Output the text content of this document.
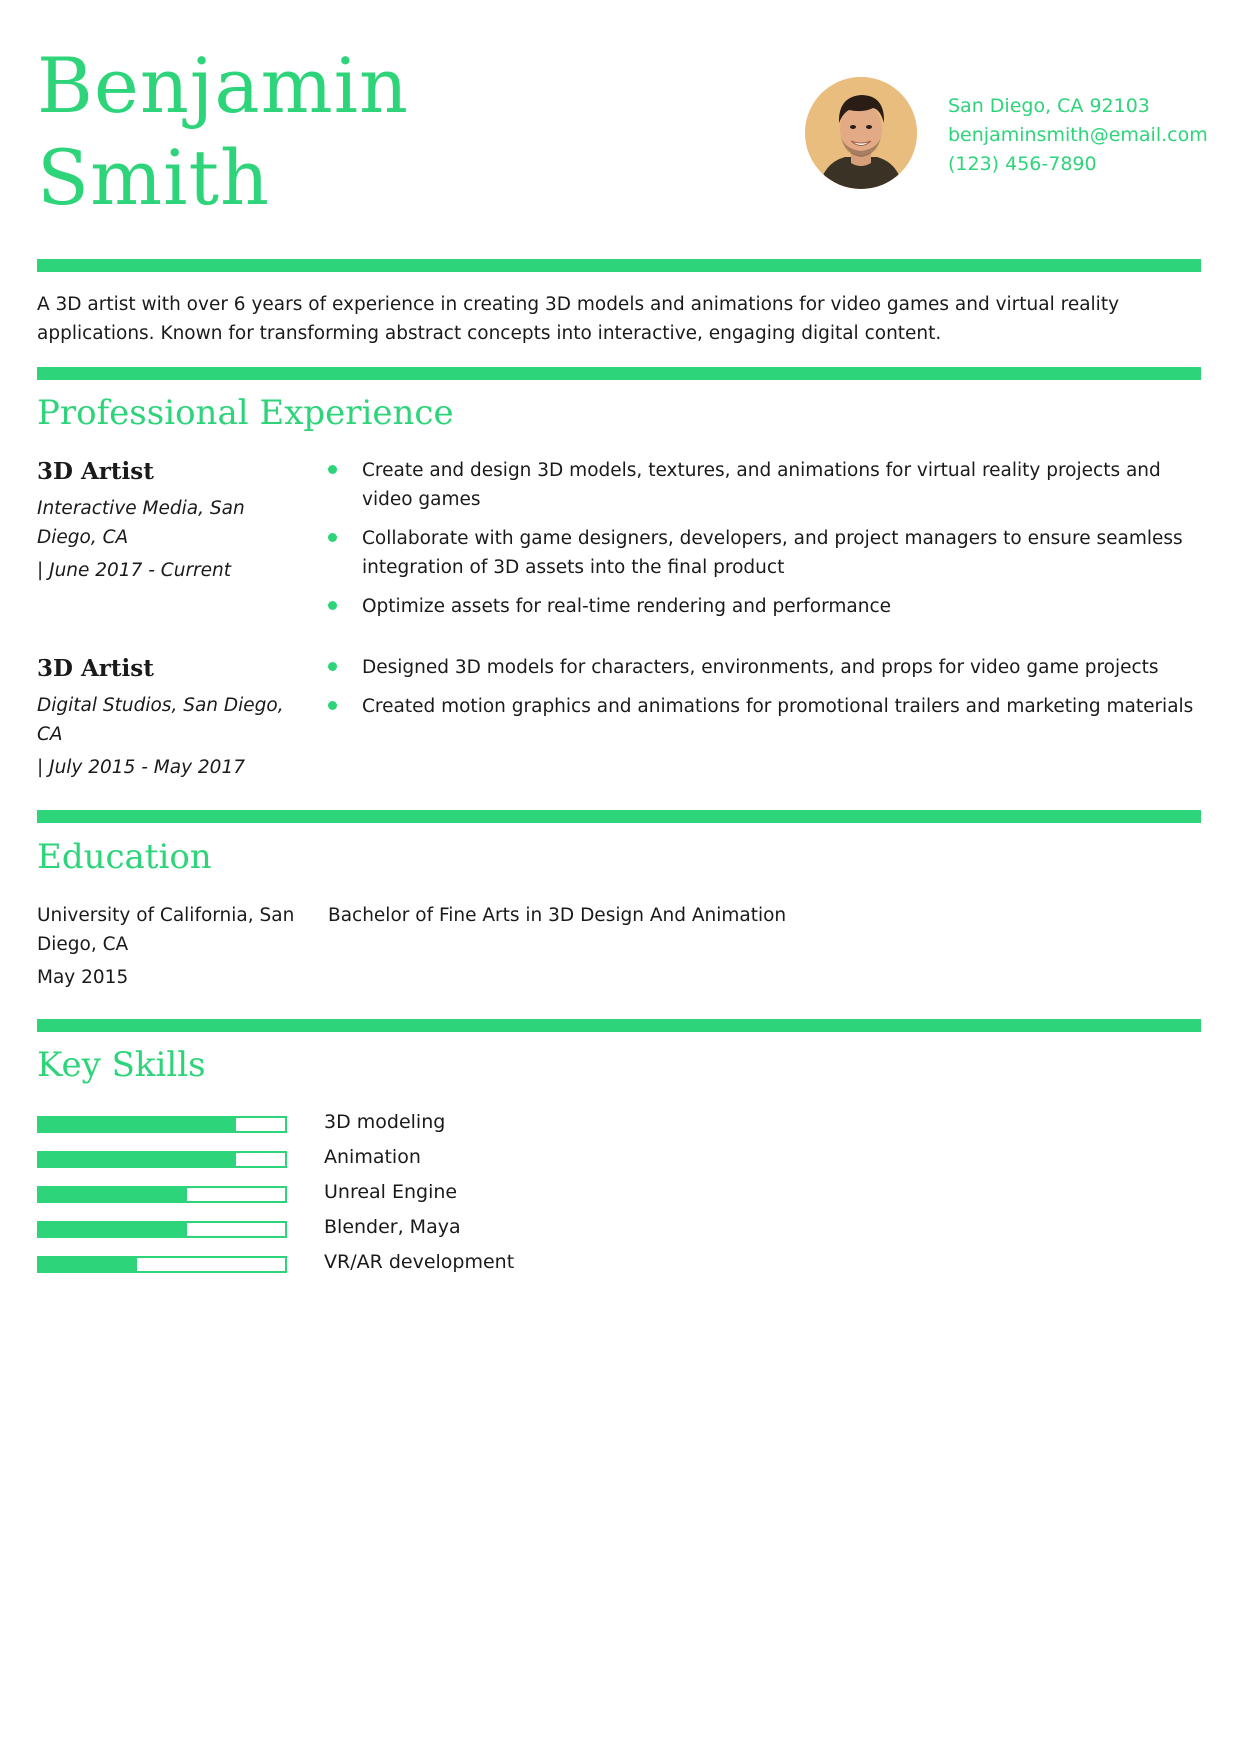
Benjamin
Smith
San Diego, CA 92103
benjaminsmith@email.com
(123) 456-7890

A 3D artist with over 6 years of experience in creating 3D models and animations for video games and virtual reality applications. Known for transforming abstract concepts into interactive, engaging digital content.

Professional Experience
3D Artist
Interactive Media, San Diego, CA
| June 2017 - Current
Create and design 3D models, textures, and animations for virtual reality projects and video games
Collaborate with game designers, developers, and project managers to ensure seamless integration of 3D assets into the final product
Optimize assets for real-time rendering and performance
3D Artist
Digital Studios, San Diego, CA
| July 2015 - May 2017
Designed 3D models for characters, environments, and props for video game projects
Created motion graphics and animations for promotional trailers and marketing materials
Education
University of California, San Diego, CA
May 2015
Bachelor of Fine Arts in 3D Design And Animation
Key Skills
3D modeling
Animation
Unreal Engine
Blender, Maya
VR/AR development
